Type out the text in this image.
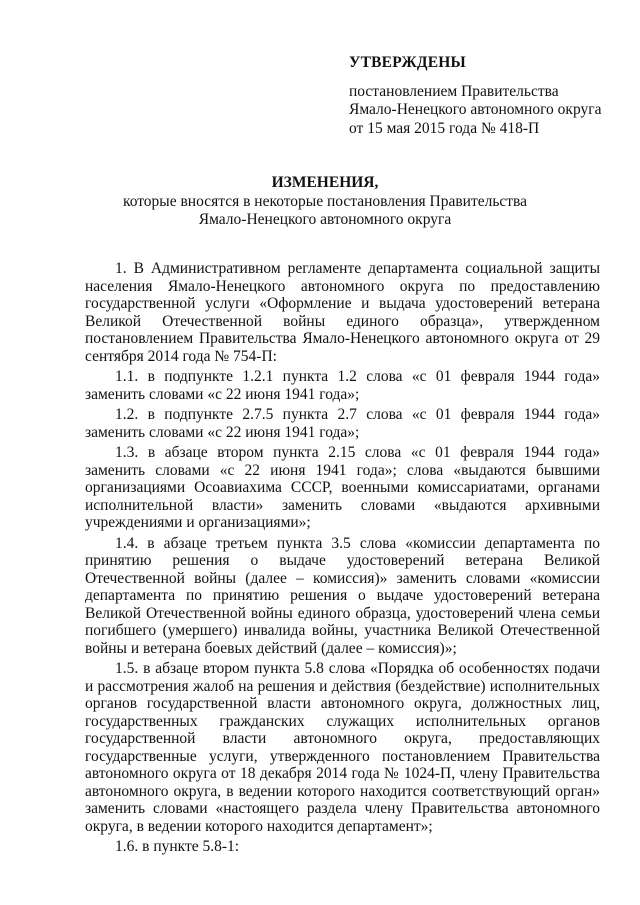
УТВЕРЖДЕНЫ
постановлением Правительства
Ямало-Ненецкого автономного округа
от 15 мая 2015 года № 418-П
ИЗМЕНЕНИЯ,
которые вносятся в некоторые постановления Правительства
Ямало-Ненецкого автономного округа

1. В Административном регламенте департамента социальной защиты населения Ямало-Ненецкого автономного округа по предоставлению государственной услуги «Оформление и выдача удостоверений ветерана Великой Отечественной войны единого образца», утвержденном постановлением Правительства Ямало-Ненецкого автономного округа от 29 сентября 2014 года № 754-П:

1.1. в подпункте 1.2.1 пункта 1.2 слова «с 01 февраля 1944 года» заменить словами «с 22 июня 1941 года»;

1.2. в подпункте 2.7.5 пункта 2.7 слова «с 01 февраля 1944 года» заменить словами «с 22 июня 1941 года»;

1.3. в абзаце втором пункта 2.15 слова «с 01 февраля 1944 года» заменить словами «с 22 июня 1941 года»; слова «выдаются бывшими организациями Осоавиахима СССР, военными комиссариатами, органами исполнительной власти» заменить словами «выдаются архивными учреждениями и организациями»;

1.4. в абзаце третьем пункта 3.5 слова «комиссии департамента по принятию решения о выдаче удостоверений ветерана Великой Отечественной войны (далее – комиссия)» заменить словами «комиссии департамента по принятию решения о выдаче удостоверений ветерана Великой Отечественной войны единого образца, удостоверений члена семьи погибшего (умершего) инвалида войны, участника Великой Отечественной войны и ветерана боевых действий (далее – комиссия)»;

1.5. в абзаце втором пункта 5.8 слова «Порядка об особенностях подачи и рассмотрения жалоб на решения и действия (бездействие) исполнительных органов государственной власти автономного округа, должностных лиц, государственных гражданских служащих исполнительных органов государственной власти автономного округа, предоставляющих государственные услуги, утвержденного постановлением Правительства автономного округа от 18 декабря 2014 года № 1024-П, члену Правительства автономного округа, в ведении которого находится соответствующий орган» заменить словами «настоящего раздела члену Правительства автономного округа, в ведении которого находится департамент»;

1.6. в пункте 5.8-1:
